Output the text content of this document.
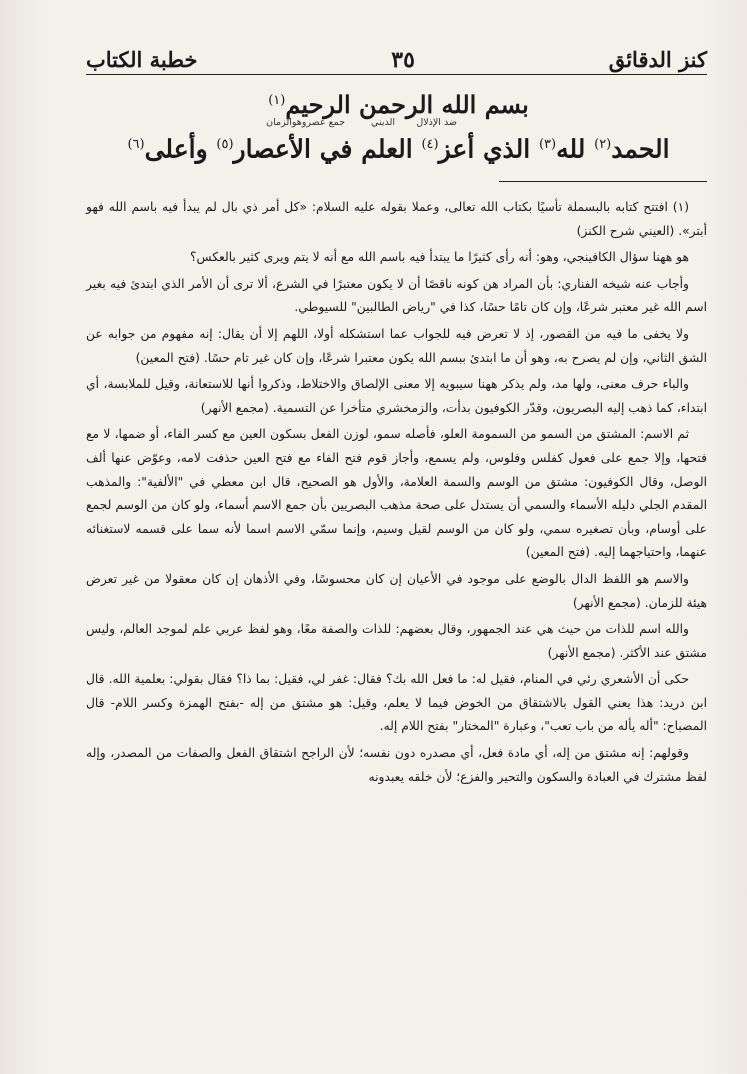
كنز الدقائق
٣٥
خطبة الكتاب
بسم الله الرحمن الرحيم$^{(١)}$
ضد الإذلال
الديني
جمع عصروهوالزمان
الحمد$^{(٢)}$ لله$^{(٣)}$ الذي أعز$^{(٤)}$ العلم في الأعصار$^{(٥)}$ وأعلى$^{(٦)}$

(١) افتتح كتابه بالبسملة تأسيًا بكتاب الله تعالى، وعملا بقوله عليه السلام: «كل أمر ذي بال لم يبدأ فيه باسم الله فهو أبتر». (العيني شرح الكنز)

هو ههنا سؤال الكافينجي، وهو: أنه رأى كثيرًا ما يبتدأ فيه باسم الله مع أنه لا يتم ويرى كثير بالعكس؟

وأجاب عنه شيخه الفناري: بأن المراد هن كونه ناقصًا أن لا يكون معتبرًا في الشرع، ألا ترى أن الأمر الذي ابتدئ فيه بغير اسم الله غير معتبر شرعًا، وإن كان تامًا حسًا، كذا في "رياض الطالبين" للسيوطي.

ولا يخفى ما فيه من القصور، إذ لا تعرض فيه للجواب عما استشكله أولا، اللهم إلا أن يقال: إنه مفهوم من جوابه عن الشق الثاني، وإن لم يصرح به، وهو أن ما ابتدئ ببسم الله يكون معتبرا شرعًا، وإن كان غير تام حسًا. (فتح المعين)

والباء حرف معنى، ولها مد، ولم يذكر ههنا سيبويه إلا معنى الإلصاق والاختلاط، وذكروا أنها للاستعانة، وقيل للملابسة، أي ابتداء، كما ذهب إليه البصريون، وقدّر الكوفيون بدأت، والزمخشري متأخرا عن التسمية. (مجمع الأنهر)

ثم الاسم: المشتق من السمو من السمومة العلو، فأصله سمو، لوزن الفعل بسكون العين مع كسر الفاء، أو ضمها، لا مع فتحها، وإلا جمع على فعول كفلس وفلوس، ولم يسمع، وأجاز قوم فتح الفاء مع فتح العين حذفت لامه، وعوّض عنها ألف الوصل، وقال الكوفيون: مشتق من الوسم والسمة العلامة، والأول هو الصحيح، قال ابن معطي في "الألفية": والمذهب المقدم الجلي دليله الأسماء والسمي أن يستدل على صحة مذهب البصريين بأن جمع الاسم أسماء، ولو كان من الوسم لجمع على أوسام، وبأن تصغيره سمي، ولو كان من الوسم لقيل وسيم، وإنما سمّي الاسم اسما لأنه سما على قسمه لاستغنائه عنهما، واحتياجهما إليه. (فتح المعين)

والاسم هو اللفظ الدال بالوضع على موجود في الأعيان إن كان محسوسًا، وفي الأذهان إن كان معقولا من غير تعرض هيئة للزمان. (مجمع الأنهر)

والله اسم للذات من حيث هي عند الجمهور، وقال بعضهم: للذات والصفة معًا، وهو لفظ عربي علم لموجد العالم، وليس مشتق عند الأكثر. (مجمع الأنهر)

حكى أن الأشعري رئي في المنام، فقيل له: ما فعل الله بك؟ فقال: غفر لي، فقيل: بما ذا؟ فقال بقولي: بعلمية الله. قال ابن دريد: هذا يعني القول بالاشتقاق من الخوض فيما لا يعلم، وقيل: هو مشتق من إله -بفتح الهمزة وكسر اللام- قال المصباح: "أله يأله من باب تعب"، وعبارة "المختار" بفتح اللام إله.

وقولهم: إنه مشتق من إله، أي مادة فعل، أي مصدره دون نفسه؛ لأن الراجح اشتقاق الفعل والصفات من المصدر، وإله لفظ مشترك في العبادة والسكون والتحير والفزع؛ لأن خلقه يعبدونه
